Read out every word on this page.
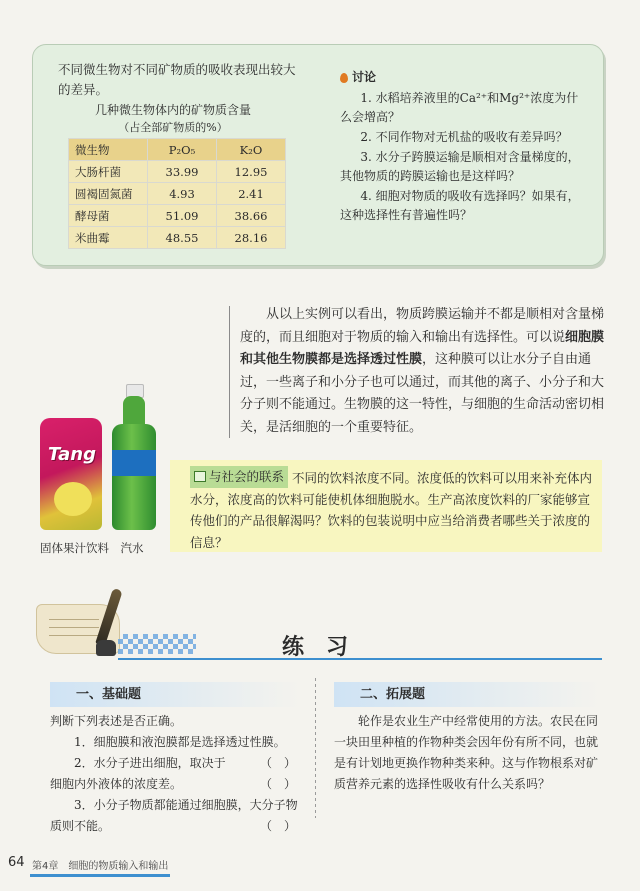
不同微生物对不同矿物质的吸收表现出较大的差异。
几种微生物体内的矿物质含量
（占全部矿物质的%）
微生物	P₂O₅	K₂O
大肠杆菌	33.99	12.95
圆褐固氮菌	4.93	2.41
酵母菌	51.09	38.66
米曲霉	48.55	28.16
讨论

1. 水稻培养液里的Ca²⁺和Mg²⁺浓度为什么会增高？

2. 不同作物对无机盐的吸收有差异吗？

3. 水分子跨膜运输是顺相对含量梯度的，其他物质的跨膜运输也是这样吗？

4. 细胞对物质的吸收有选择吗？如果有，这种选择性有普遍性吗？

从以上实例可以看出，物质跨膜运输并不都是顺相对含量梯度的，而且细胞对于物质的输入和输出有选择性。可以说细胞膜和其他生物膜都是选择透过性膜，这种膜可以让水分子自由通过，一些离子和小分子也可以通过，而其他的离子、小分子和大分子则不能通过。生物膜的这一特性，与细胞的生命活动密切相关，是活细胞的一个重要特征。

Tang
固体果汁饮料　汽水
与社会的联系 不同的饮料浓度不同。浓度低的饮料可以用来补充体内水分，浓度高的饮料可能使机体细胞脱水。生产高浓度饮料的厂家能够宣传他们的产品很解渴吗？饮料的包装说明中应当给消费者哪些关于浓度的信息？
练习
一、基础题

判断下列表述是否正确。

1．细胞膜和液泡膜都是选择透过性膜。
（　）

2．水分子进出细胞，取决于细胞内外液体的浓度差。	（　）

3．小分子物质都能通过细胞膜，大分子物质则不能。	（　）

二、拓展题

轮作是农业生产中经常使用的方法。农民在同一块田里种植的作物种类会因年份有所不同，也就是有计划地更换作物种类来种。这与作物根系对矿质营养元素的选择性吸收有什么关系吗？

64 第4章　细胞的物质输入和输出
